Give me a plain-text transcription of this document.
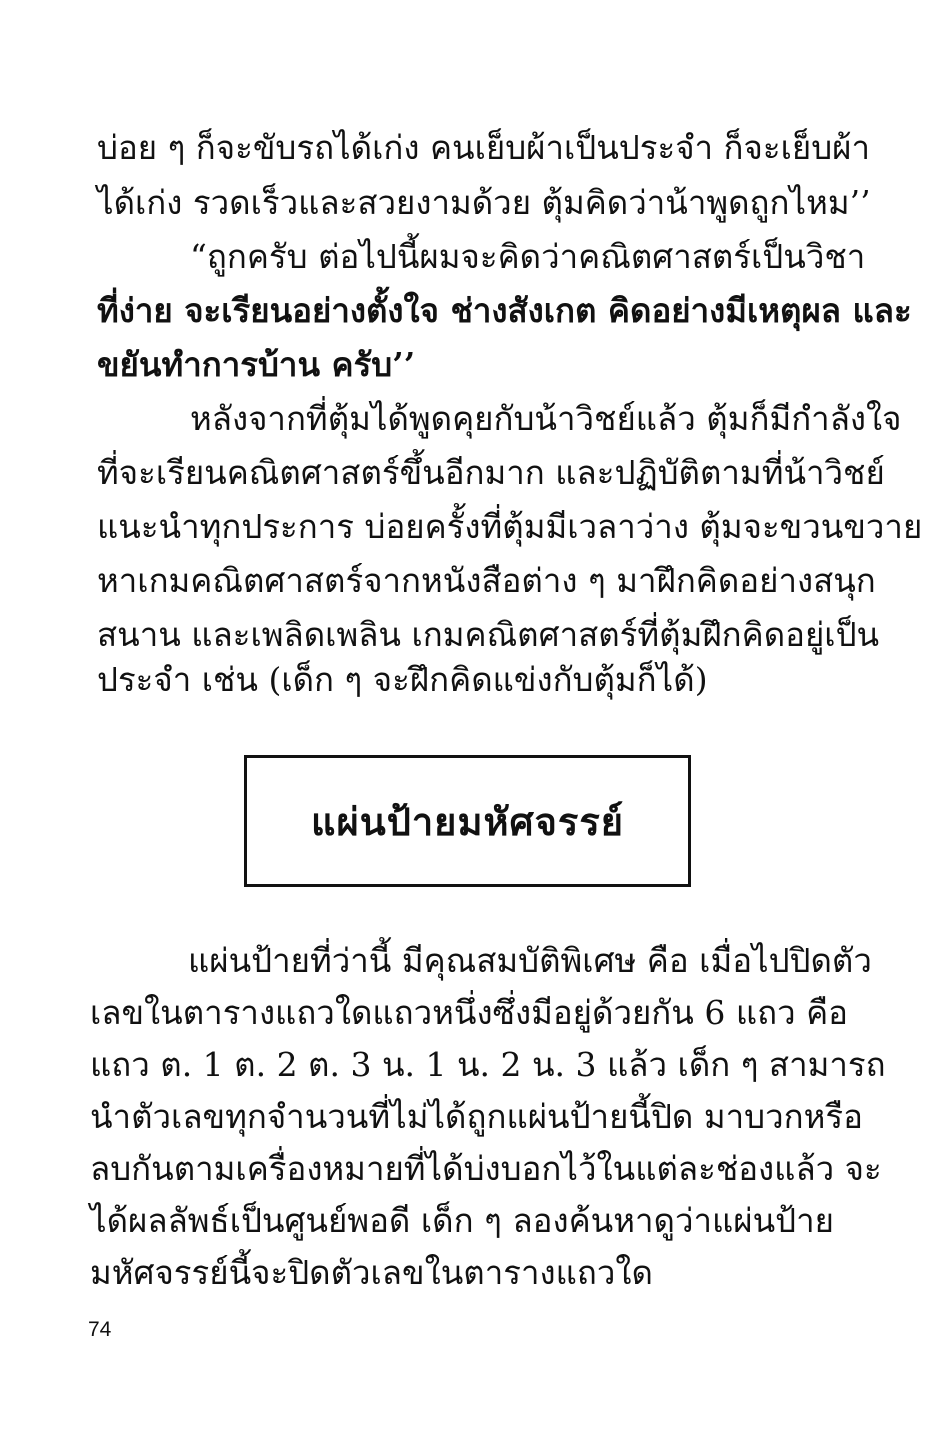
บ่อย ๆ ก็จะขับรถได้เก่ง คนเย็บผ้าเป็นประจำ ก็จะเย็บผ้า
ได้เก่ง รวดเร็วและสวยงามด้วย ตุ้มคิดว่าน้าพูดถูกไหม’’
“ถูกครับ ต่อไปนี้ผมจะคิดว่าคณิตศาสตร์เป็นวิชา
ที่ง่าย จะเรียนอย่างตั้งใจ ช่างสังเกต คิดอย่างมีเหตุผล และ
ขยันทำการบ้าน ครับ’’
หลังจากที่ตุ้มได้พูดคุยกับน้าวิชย์แล้ว ตุ้มก็มีกำลังใจ
ที่จะเรียนคณิตศาสตร์ขึ้นอีกมาก และปฏิบัติตามที่น้าวิชย์
แนะนำทุกประการ บ่อยครั้งที่ตุ้มมีเวลาว่าง ตุ้มจะขวนขวาย
หาเกมคณิตศาสตร์จากหนังสือต่าง ๆ มาฝึกคิดอย่างสนุก
สนาน และเพลิดเพลิน เกมคณิตศาสตร์ที่ตุ้มฝึกคิดอยู่เป็น
ประจำ เช่น (เด็ก ๆ จะฝึกคิดแข่งกับตุ้มก็ได้)
แผ่นป้ายมหัศจรรย์
แผ่นป้ายที่ว่านี้ มีคุณสมบัติพิเศษ คือ เมื่อไปปิดตัว
เลขในตารางแถวใดแถวหนึ่งซึ่งมีอยู่ด้วยกัน 6 แถว คือ
แถว ต. 1 ต. 2 ต. 3 น. 1 น. 2 น. 3 แล้ว เด็ก ๆ สามารถ
นำตัวเลขทุกจำนวนที่ไม่ได้ถูกแผ่นป้ายนี้ปิด มาบวกหรือ
ลบกันตามเครื่องหมายที่ได้บ่งบอกไว้ในแต่ละช่องแล้ว จะ
ได้ผลลัพธ์เป็นศูนย์พอดี เด็ก ๆ ลองค้นหาดูว่าแผ่นป้าย
มหัศจรรย์นี้จะปิดตัวเลขในตารางแถวใด
74
